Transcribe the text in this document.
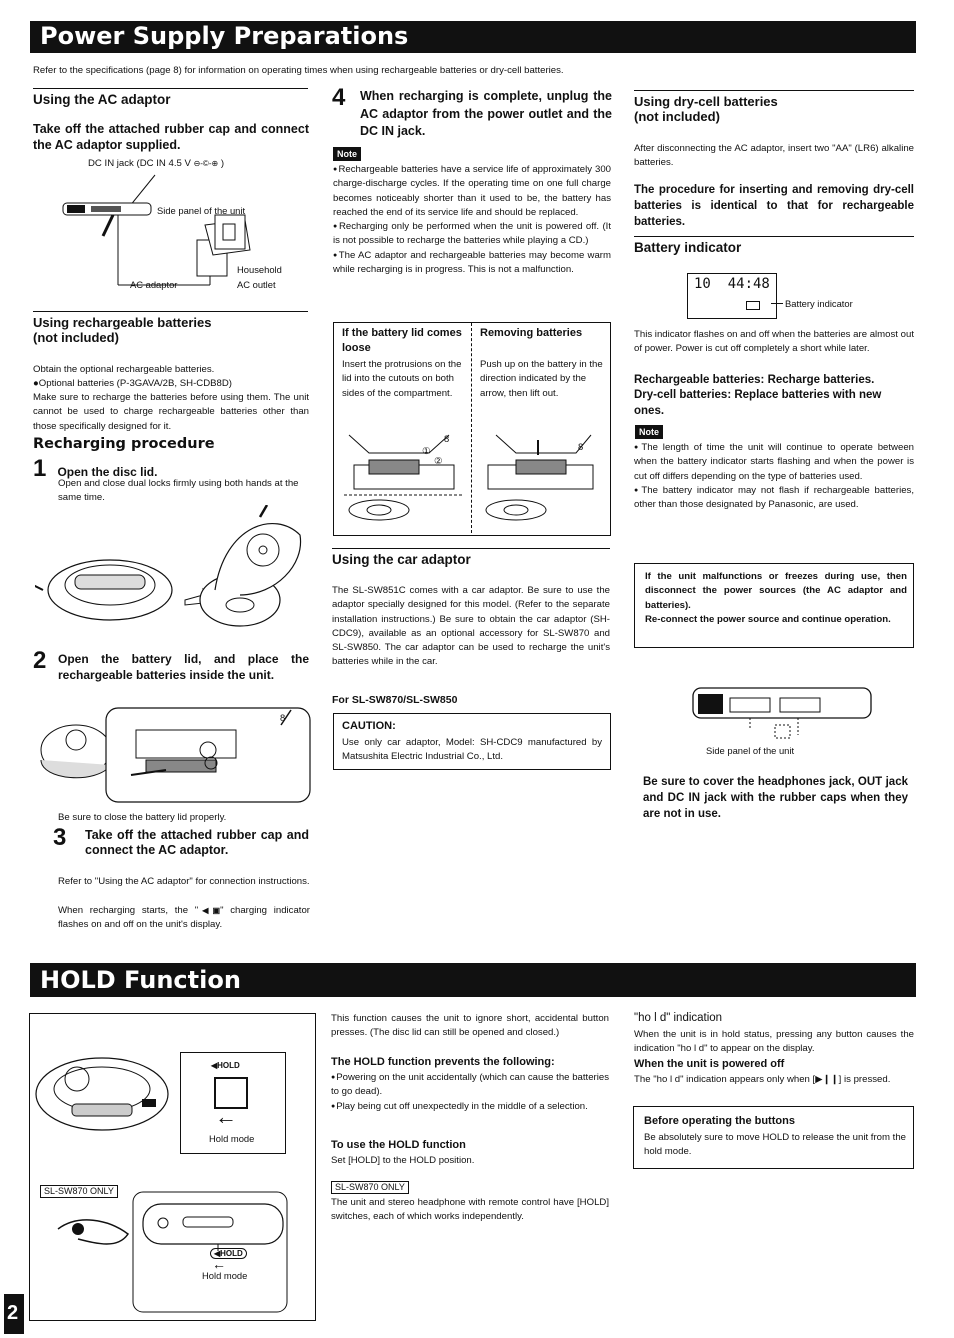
Power Supply Preparations

Refer to the specifications (page 8) for information on operating times when using rechargeable batteries or dry-cell batteries.

Using the AC adaptor

Take off the attached rubber cap and connect the AC adaptor supplied.

DC IN jack (DC IN 4.5 V ⊖-©-⊕ )
Side panel of the unit
AC adaptor
Household
AC outlet

Using rechargeable batteries

(not included)

Obtain the optional rechargeable batteries.

●Optional batteries (P-3GAVA/2B, SH-CDB8D)

Make sure to recharge the batteries before using them. The unit cannot be used to charge rechargeable batteries other than those specifically designed for it.

Recharging procedure

1 Open the disc lid.

Open and close dual locks firmly using both hands at the same time.

2 Open the battery lid, and place the rechargeable batteries inside the unit.

8

Be sure to close the battery lid properly.

3	Take off the attached rubber cap and connect the AC adaptor.

Refer to "Using the AC adaptor" for connection instructions.

When recharging starts, the "◀▣" charging indicator flashes on and off on the unit's display.

4	When recharging is complete, unplug the AC adaptor from the power outlet and the DC IN jack.

Note
● Rechargeable batteries have a service life of approximately 300 charge-discharge cycles. If the operating time on one full charge becomes noticeably shorter than it used to be, the battery has reached the end of its service life and should be replaced.
● Recharging only be performed when the unit is powered off. (It is not possible to recharge the batteries while playing a CD.)
● The AC adaptor and rechargeable batteries may become warm while recharging is in progress. This is not a malfunction.

If the battery lid comes loose

Insert the protrusions on the lid into the cutouts on both sides of the compartment.

Removing batteries

Push up on the battery in the direction indicated by the arrow, then lift out.

①
②
8
8

Using the car adaptor

The SL-SW851C comes with a car adaptor. Be sure to use the adaptor specially designed for this model. (Refer to the separate installation instructions.) Be sure to obtain the car adaptor (SH-CDC9), available as an optional accessory for SL-SW870 and SL-SW850. The car adaptor can be used to recharge the unit's batteries while in the car.

For SL-SW870/SL-SW850

CAUTION:

Use only car adaptor, Model: SH-CDC9 manufactured by Matsushita Electric Industrial Co., Ltd.

Using dry-cell batteries

(not included)

After disconnecting the AC adaptor, insert two "AA" (LR6) alkaline batteries.

The procedure for inserting and removing dry-cell batteries is identical to that for rechargeable batteries.

Battery indicator

10  44:48
Battery indicator

This indicator flashes on and off when the batteries are almost out of power. Power is cut off completely a short while later.

Rechargeable batteries: Recharge batteries.

Dry-cell batteries: Replace batteries with new ones.

Note
● The length of time the unit will continue to operate between when the battery indicator starts flashing and when the power is cut off differs depending on the type of batteries used.
● The battery indicator may not flash if rechargeable batteries, other than those designated by Panasonic, are used.

If the unit malfunctions or freezes during use, then disconnect the power sources (the AC adaptor and batteries).

Re-connect the power source and continue operation.

Side panel of the unit

Be sure to cover the headphones jack, OUT jack and DC IN jack with the rubber caps when they are not in use.

HOLD Function
◀HOLD
←
Hold mode
SL-SW870 ONLY
◀HOLD
←
Hold mode

This function causes the unit to ignore short, accidental button presses. (The disc lid can still be opened and closed.)

The HOLD function prevents the following:

● Powering on the unit accidentally (which can cause the batteries to go dead).
● Play being cut off unexpectedly in the middle of a selection.

To use the HOLD function

Set [HOLD] to the HOLD position.

SL-SW870 ONLY

The unit and stereo headphone with remote control have [HOLD] switches, each of which works independently.

"ho l d" indication

When the unit is in hold status, pressing any button causes the indication "ho l d" to appear on the display.

When the unit is powered off

The "ho l d" indication appears only when [▶❙❙] is pressed.

Before operating the buttons

Be absolutely sure to move HOLD to release the unit from the hold mode.

2
